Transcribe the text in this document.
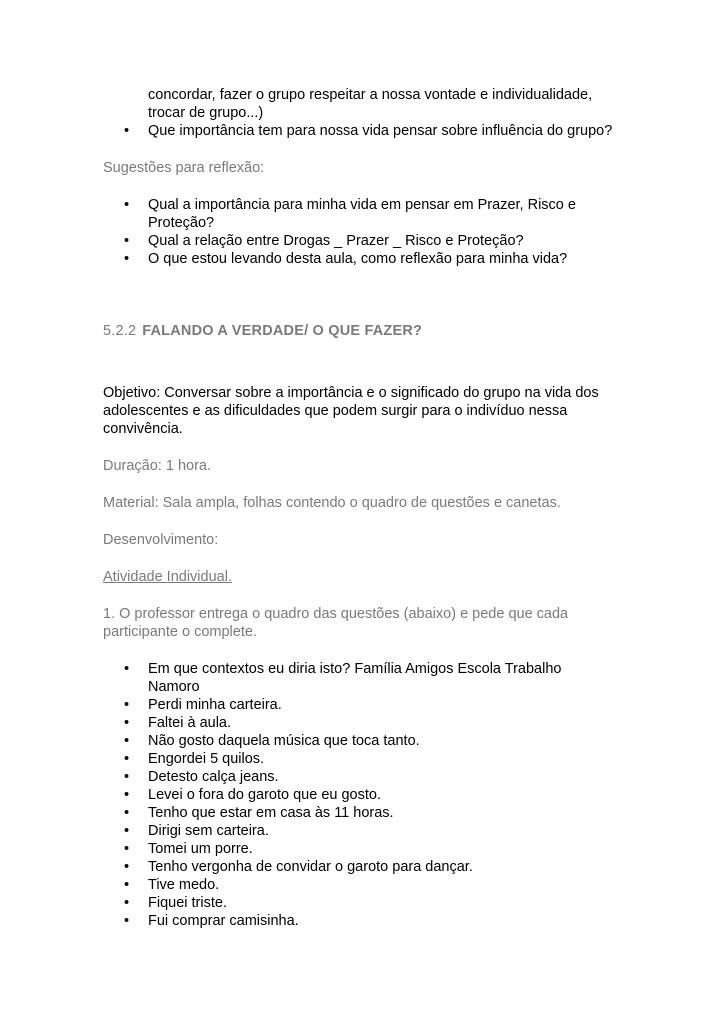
concordar, fazer o grupo respeitar a nossa vontade e individualidade,
trocar de grupo...)
• Que importância tem para nossa vida pensar sobre influência do grupo?
Sugestões para reflexão:
• Qual a importância para minha vida em pensar em Prazer, Risco e
Proteção?
• Qual a relação entre Drogas _ Prazer _ Risco e Proteção?
• O que estou levando desta aula, como reflexão para minha vida?
5.2.2 FALANDO A VERDADE/ O QUE FAZER?
Objetivo: Conversar sobre a importância e o significado do grupo na vida dos
adolescentes e as dificuldades que podem surgir para o indivíduo nessa
convivência.
Duração: 1 hora.
Material: Sala ampla, folhas contendo o quadro de questões e canetas.
Desenvolvimento:
Atividade Individual.
1. O professor entrega o quadro das questões (abaixo) e pede que cada
participante o complete.
• Em que contextos eu diria isto? Família Amigos Escola Trabalho
Namoro
• Perdi minha carteira.
• Faltei à aula.
• Não gosto daquela música que toca tanto.
• Engordei 5 quilos.
• Detesto calça jeans.
• Levei o fora do garoto que eu gosto.
• Tenho que estar em casa às 11 horas.
• Dirigi sem carteira.
• Tomei um porre.
• Tenho vergonha de convidar o garoto para dançar.
• Tive medo.
• Fiquei triste.
• Fui comprar camisinha.
